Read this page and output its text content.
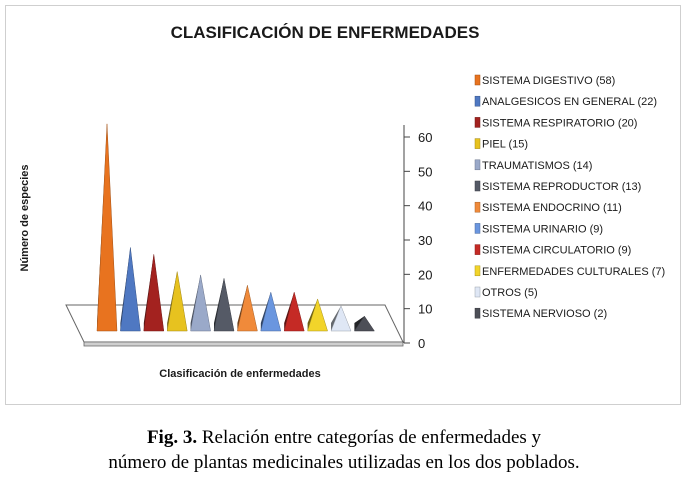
CLASIFICACIÓN DE ENFERMEDADES
Número de especies
Clasificación de enfermedades
0
10
20
30
40
50
60
SISTEMA DIGESTIVO (58)
ANALGESICOS EN GENERAL (22)
SISTEMA RESPIRATORIO (20)
PIEL (15)
TRAUMATISMOS (14)
SISTEMA REPRODUCTOR (13)
SISTEMA ENDOCRINO (11)
SISTEMA URINARIO (9)
SISTEMA CIRCULATORIO (9)
ENFERMEDADES CULTURALES (7)
OTROS (5)
SISTEMA NERVIOSO (2)
Fig. 3. Relación entre categorías de enfermedades y
número de plantas medicinales utilizadas en los dos poblados.
